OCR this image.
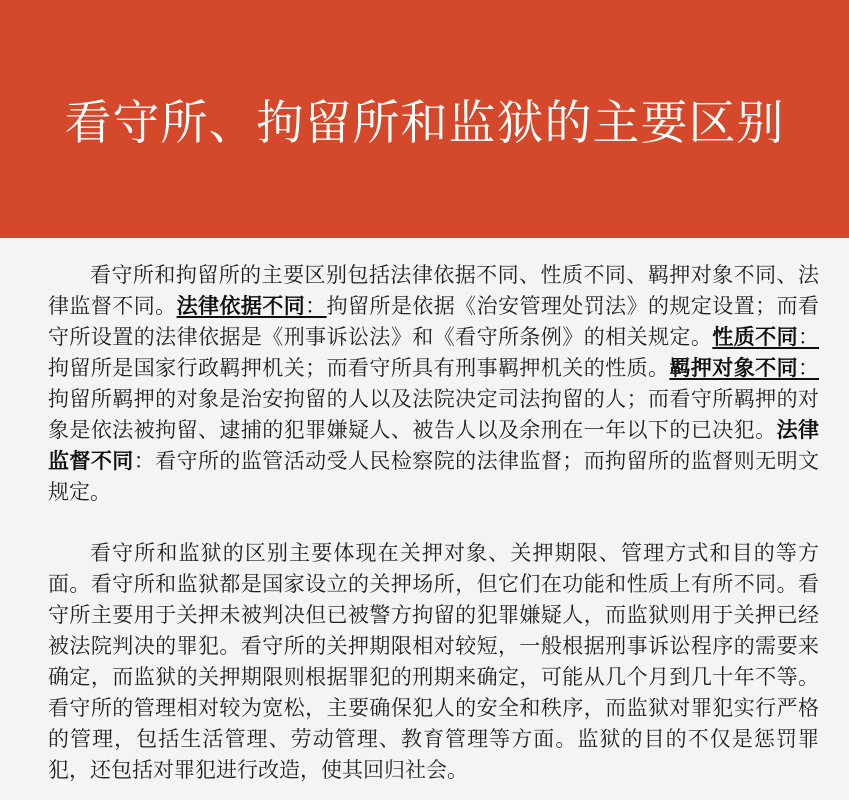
看守所、拘留所和监狱的主要区别

看守所和拘留所的主要区别包括法律依据不同、性质不同、羁押对象不同、法律监督不同。法律依据不同：拘留所是依据《治安管理处罚法》的规定设置；而看守所设置的法律依据是《刑事诉讼法》和《看守所条例》的相关规定。性质不同：拘留所是国家行政羁押机关；而看守所具有刑事羁押机关的性质。羁押对象不同：拘留所羁押的对象是治安拘留的人以及法院决定司法拘留的人；而看守所羁押的对象是依法被拘留、逮捕的犯罪嫌疑人、被告人以及余刑在一年以下的已决犯。法律监督不同：看守所的监管活动受人民检察院的法律监督；而拘留所的监督则无明文规定。

看守所和监狱的区别主要体现在关押对象、关押期限、管理方式和目的等方面。看守所和监狱都是国家设立的关押场所，但它们在功能和性质上有所不同。看守所主要用于关押未被判决但已被警方拘留的犯罪嫌疑人，而监狱则用于关押已经被法院判决的罪犯。看守所的关押期限相对较短，一般根据刑事诉讼程序的需要来确定，而监狱的关押期限则根据罪犯的刑期来确定，可能从几个月到几十年不等。看守所的管理相对较为宽松，主要确保犯人的安全和秩序，而监狱对罪犯实行严格的管理，包括生活管理、劳动管理、教育管理等方面。监狱的目的不仅是惩罚罪犯，还包括对罪犯进行改造，使其回归社会。
